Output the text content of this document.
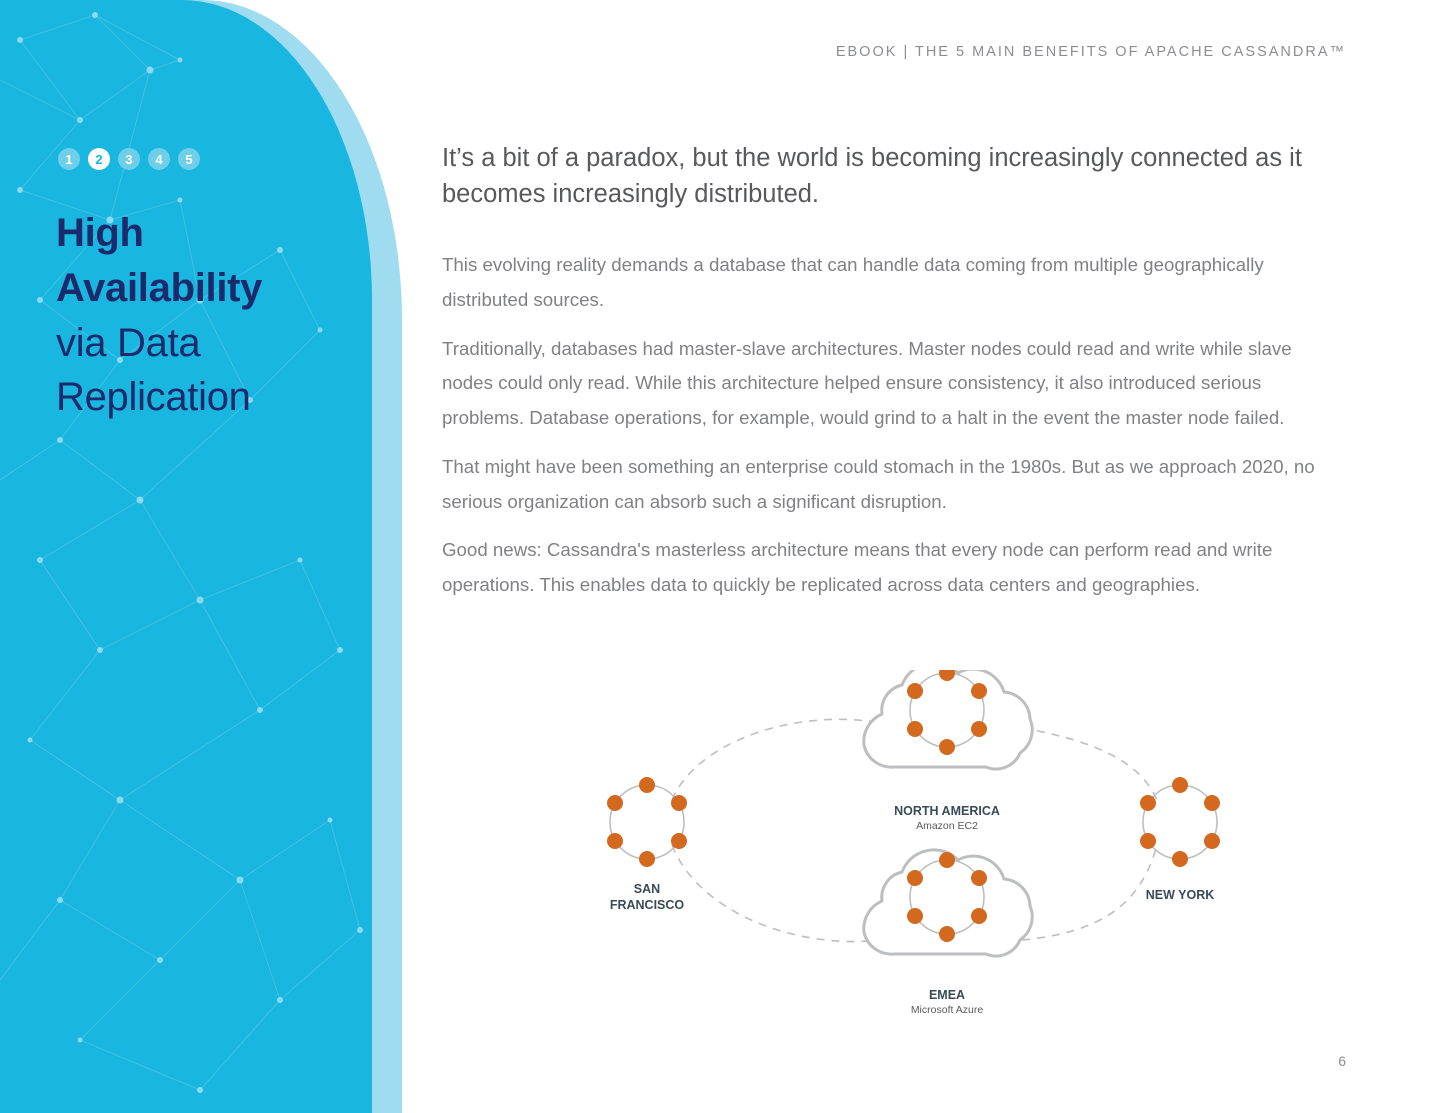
1	2	3	4	5
High
Availability
via Data
Replication
EBOOK | THE 5 MAIN BENEFITS OF APACHE CASSANDRA™
It’s a bit of a paradox, but the world is becoming increasingly connected as it becomes increasingly distributed.

This evolving reality demands a database that can handle data coming from multiple geographically distributed sources.

Traditionally, databases had master-slave architectures. Master nodes could read and write while slave nodes could only read. While this architecture helped ensure consistency, it also introduced serious problems. Database operations, for example, would grind to a halt in the event the master node failed.

That might have been something an enterprise could stomach in the 1980s. But as we approach 2020, no serious organization can absorb such a significant disruption.

Good news: Cassandra's masterless architecture means that every node can perform read and write operations. This enables data to quickly be replicated across data centers and geographies.

NORTH AMERICA
Amazon EC2
SAN
FRANCISCO
NEW YORK
EMEA
Microsoft Azure
6
